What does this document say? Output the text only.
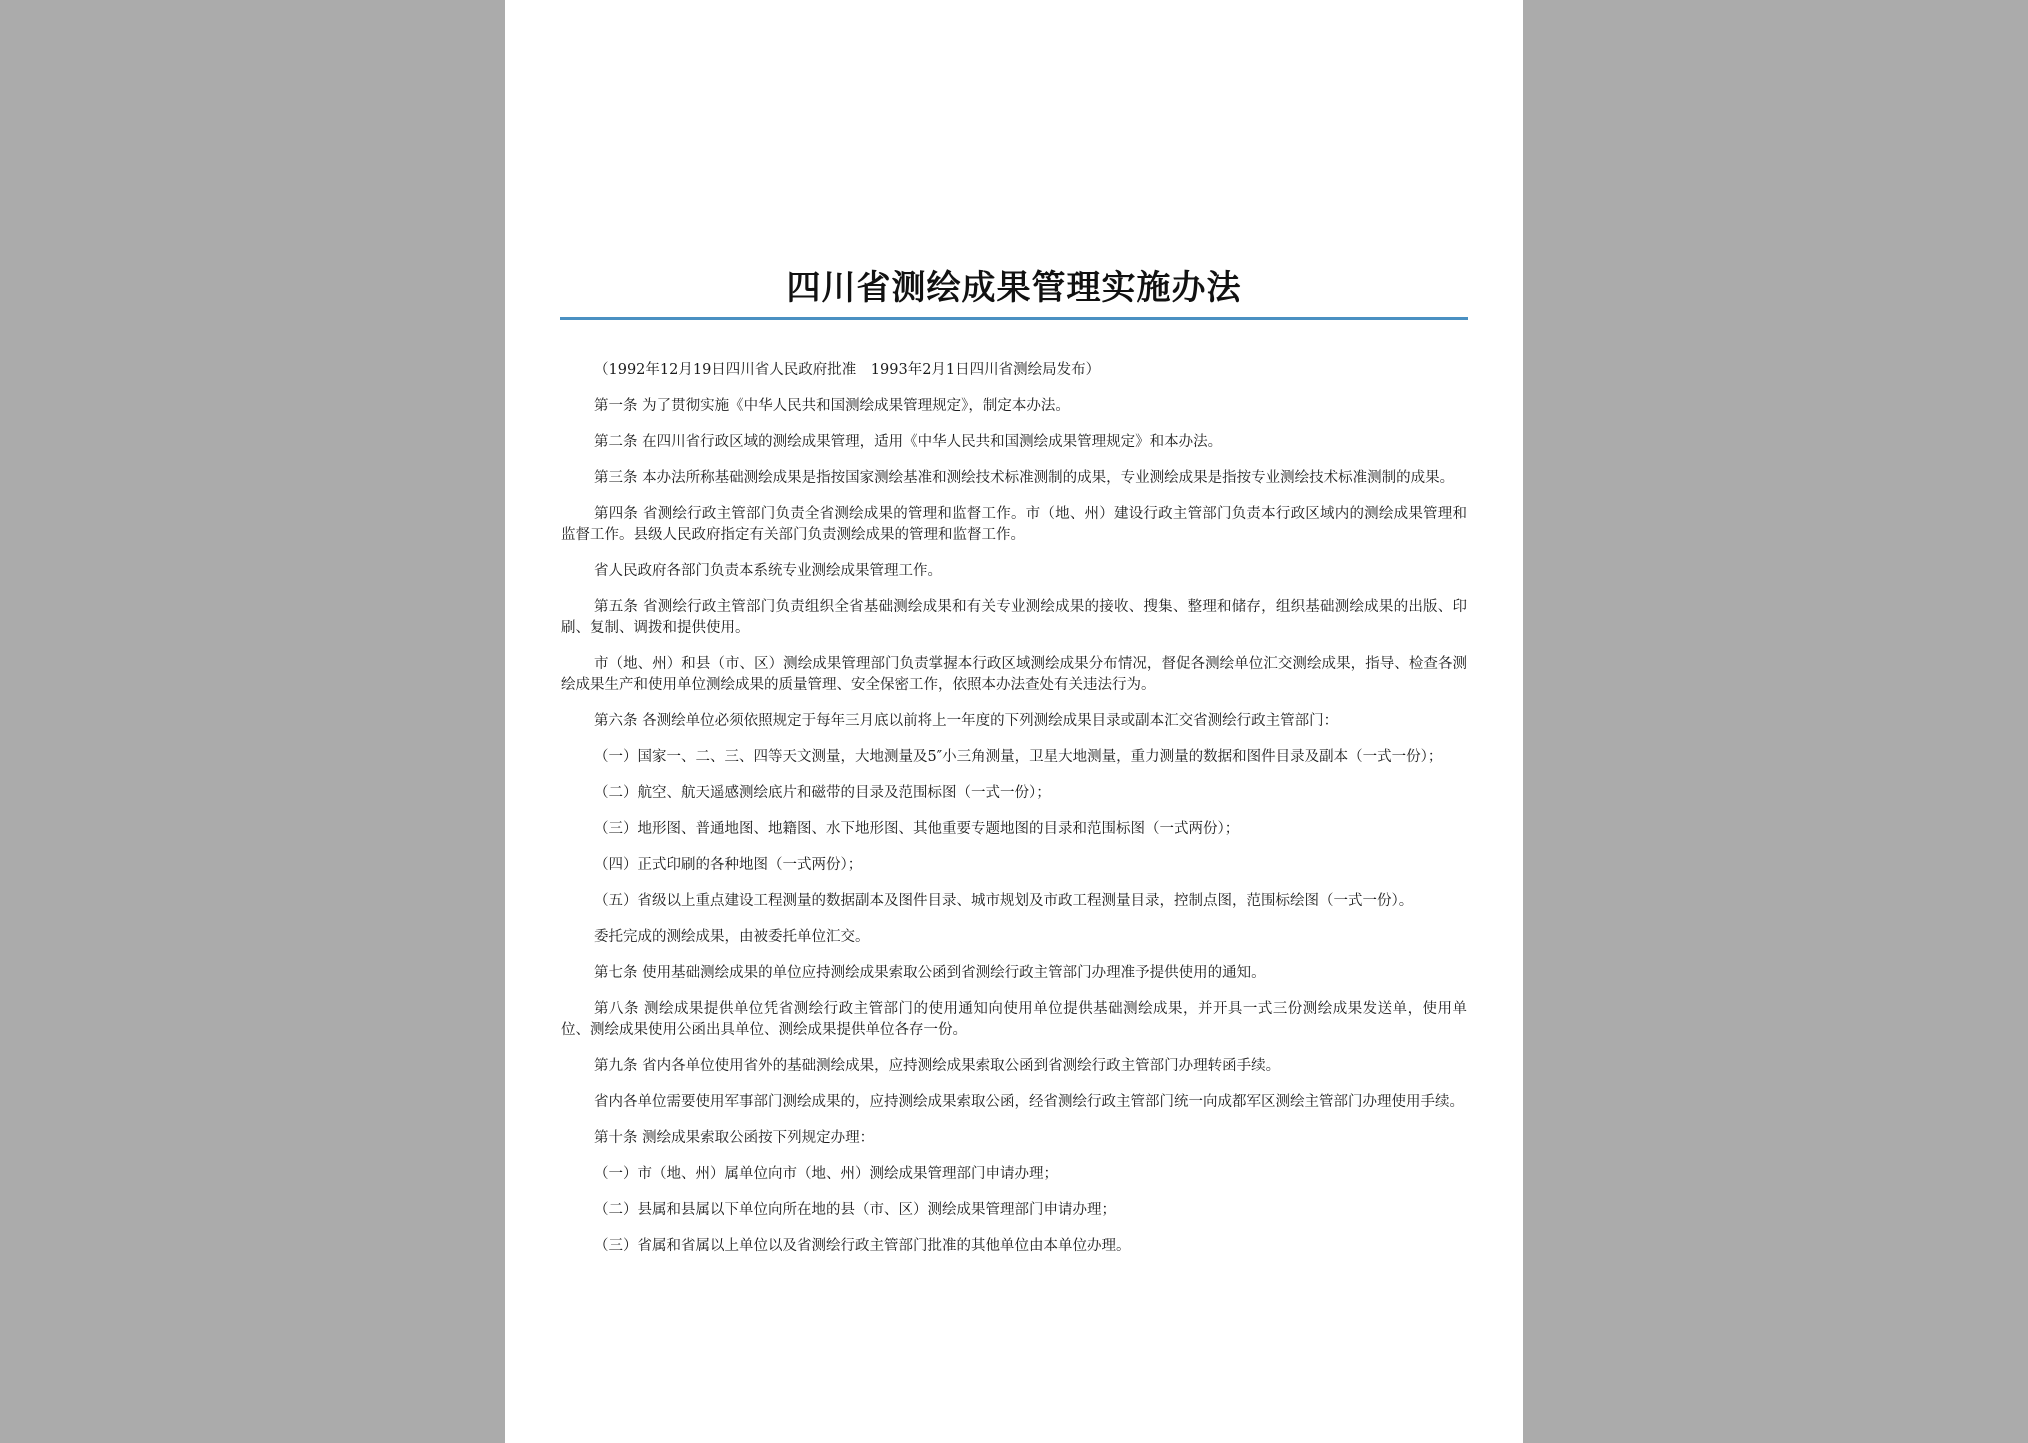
四川省测绘成果管理实施办法

（1992年12月19日四川省人民政府批准　1993年2月1日四川省测绘局发布）

第一条 为了贯彻实施《中华人民共和国测绘成果管理规定》，制定本办法。

第二条 在四川省行政区域的测绘成果管理，适用《中华人民共和国测绘成果管理规定》和本办法。

第三条 本办法所称基础测绘成果是指按国家测绘基准和测绘技术标准测制的成果，专业测绘成果是指按专业测绘技术标准测制的成果。

第四条 省测绘行政主管部门负责全省测绘成果的管理和监督工作。市（地、州）建设行政主管部门负责本行政区域内的测绘成果管理和监督工作。县级人民政府指定有关部门负责测绘成果的管理和监督工作。

省人民政府各部门负责本系统专业测绘成果管理工作。

第五条 省测绘行政主管部门负责组织全省基础测绘成果和有关专业测绘成果的接收、搜集、整理和储存，组织基础测绘成果的出版、印刷、复制、调拨和提供使用。

市（地、州）和县（市、区）测绘成果管理部门负责掌握本行政区域测绘成果分布情况，督促各测绘单位汇交测绘成果，指导、检查各测绘成果生产和使用单位测绘成果的质量管理、安全保密工作，依照本办法查处有关违法行为。

第六条 各测绘单位必须依照规定于每年三月底以前将上一年度的下列测绘成果目录或副本汇交省测绘行政主管部门：

（一）国家一、二、三、四等天文测量，大地测量及5″小三角测量，卫星大地测量，重力测量的数据和图件目录及副本（一式一份）；

（二）航空、航天遥感测绘底片和磁带的目录及范围标图（一式一份）；

（三）地形图、普通地图、地籍图、水下地形图、其他重要专题地图的目录和范围标图（一式两份）；

（四）正式印刷的各种地图（一式两份）；

（五）省级以上重点建设工程测量的数据副本及图件目录、城市规划及市政工程测量目录，控制点图，范围标绘图（一式一份）。

委托完成的测绘成果，由被委托单位汇交。

第七条 使用基础测绘成果的单位应持测绘成果索取公函到省测绘行政主管部门办理准予提供使用的通知。

第八条 测绘成果提供单位凭省测绘行政主管部门的使用通知向使用单位提供基础测绘成果，并开具一式三份测绘成果发送单，使用单位、测绘成果使用公函出具单位、测绘成果提供单位各存一份。

第九条 省内各单位使用省外的基础测绘成果，应持测绘成果索取公函到省测绘行政主管部门办理转函手续。

省内各单位需要使用军事部门测绘成果的，应持测绘成果索取公函，经省测绘行政主管部门统一向成都军区测绘主管部门办理使用手续。

第十条 测绘成果索取公函按下列规定办理：

（一）市（地、州）属单位向市（地、州）测绘成果管理部门申请办理；

（二）县属和县属以下单位向所在地的县（市、区）测绘成果管理部门申请办理；

（三）省属和省属以上单位以及省测绘行政主管部门批准的其他单位由本单位办理。
